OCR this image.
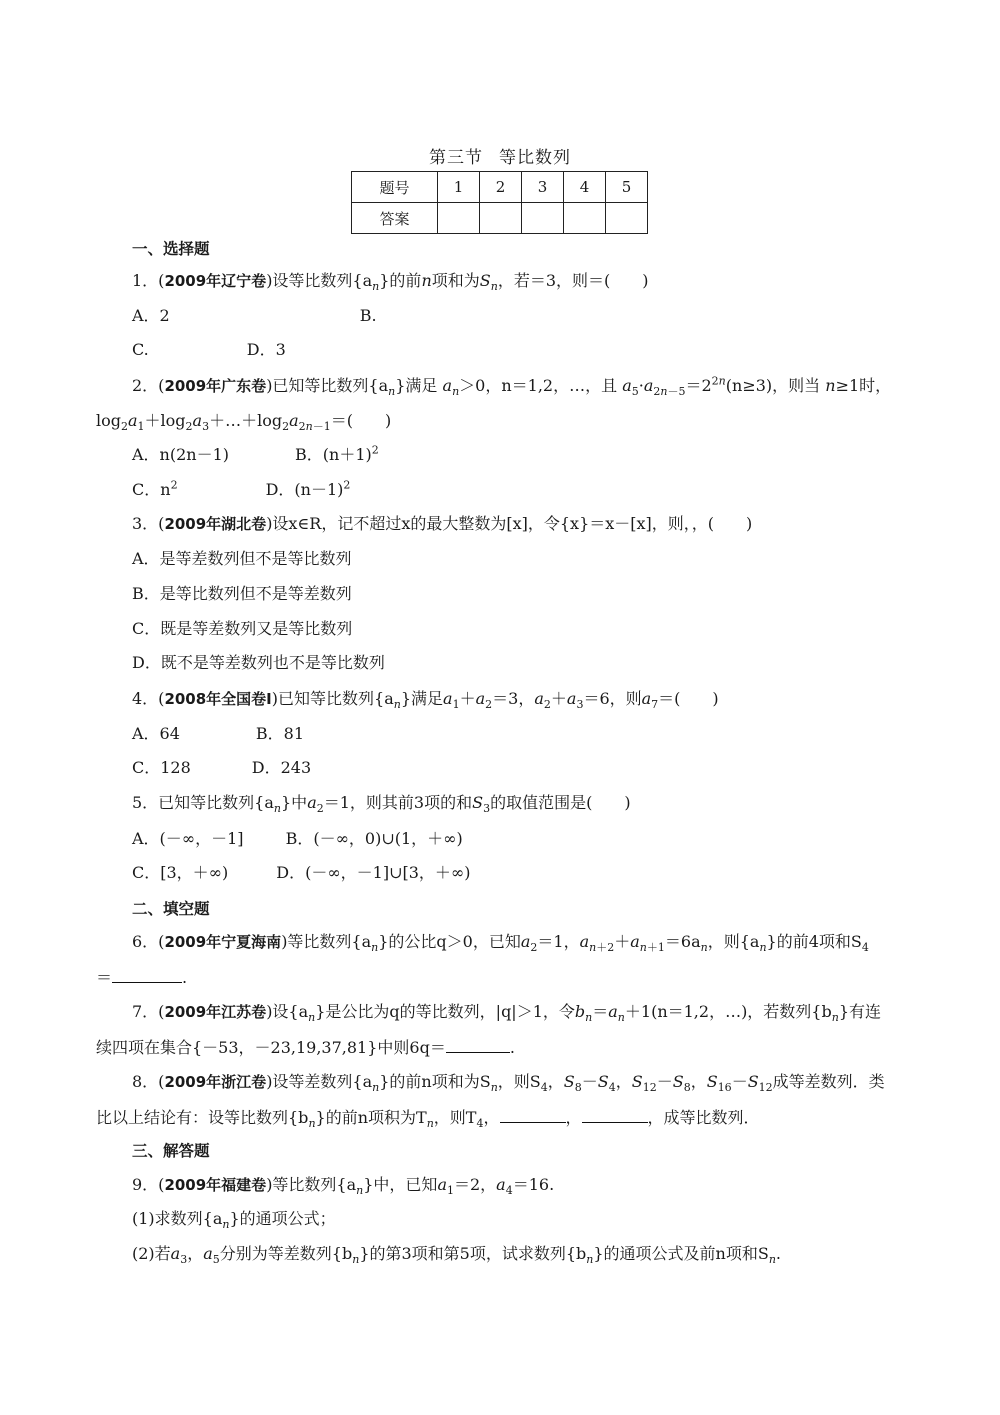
第三节 等比数列
题号	1	2	3	4	5
答案					
一、选择题
1．(2009年辽宁卷)设等比数列$\{a_n\}$的前n项和为$S_n$，若＝3，则＝(　　)
A．2	B.
C.	D．3
2．(2009年广东卷)已知等比数列$\{a_n\}$满足 $a_n>0$，n＝1,2，…，且 $a_5\cdot a_{2n-5}=2^{2n}(n\ge 3)$，则当 n≥1时，
$\log_2a_1+\log_2a_3+\dots+\log_2a_{2n-1}=$(　　)
A．n(2n－1)	B．$(n+1)^2$
C．$n^2$	D．$(n-1)^2$
3．(2009年湖北卷)设x∈R，记不超过x的最大整数为[x]，令{x}＝x－[x]，则，，(　　)
A．是等差数列但不是等比数列
B．是等比数列但不是等差数列
C．既是等差数列又是等比数列
D．既不是等差数列也不是等比数列
4．(2008年全国卷Ⅰ)已知等比数列$\{a_n\}$满足$a_1+a_2=3$，$a_2+a_3=6$，则$a_7=$(　　)
A．64	B．81
C．128	D．243
5．已知等比数列$\{a_n\}$中$a_2=1$，则其前3项的和$S_3$的取值范围是(　　)
A．(－∞，－1]	B．(－∞，0)∪(1，＋∞)
C．[3，＋∞)	D．(－∞，－1]∪[3，＋∞)
二、填空题
6．(2009年宁夏海南)等比数列$\{a_n\}$的公比q＞0，已知$a_2=1$，$a_{n+2}+a_{n+1}=6a_n$，则$\{a_n\}$的前4项和$S_4$
＝	.
7．(2009年江苏卷)设$\{a_n\}$是公比为q的等比数列，|q|＞1，令$b_n=a_n+1(n=1,2$，…)，若数列$\{b_n\}$有连
续四项在集合{－53，－23,19,37,81}中则6q＝	.
8．(2009年浙江卷)设等差数列$\{a_n\}$的前n项和为$S_n$，则$S_4$，$S_8-S_4$，$S_{12}-S_8$，$S_{16}-S_{12}$成等差数列．类
比以上结论有：设等比数列$\{b_n\}$的前n项积为$T_n$，则$T_4$，	，	，成等比数列．
三、解答题
9．(2009年福建卷)等比数列$\{a_n\}$中，已知$a_1=2$，$a_4=16$.
(1)求数列$\{a_n\}$的通项公式；
(2)若$a_3$，$a_5$分别为等差数列$\{b_n\}$的第3项和第5项，试求数列$\{b_n\}$的通项公式及前n项和$S_n$.
